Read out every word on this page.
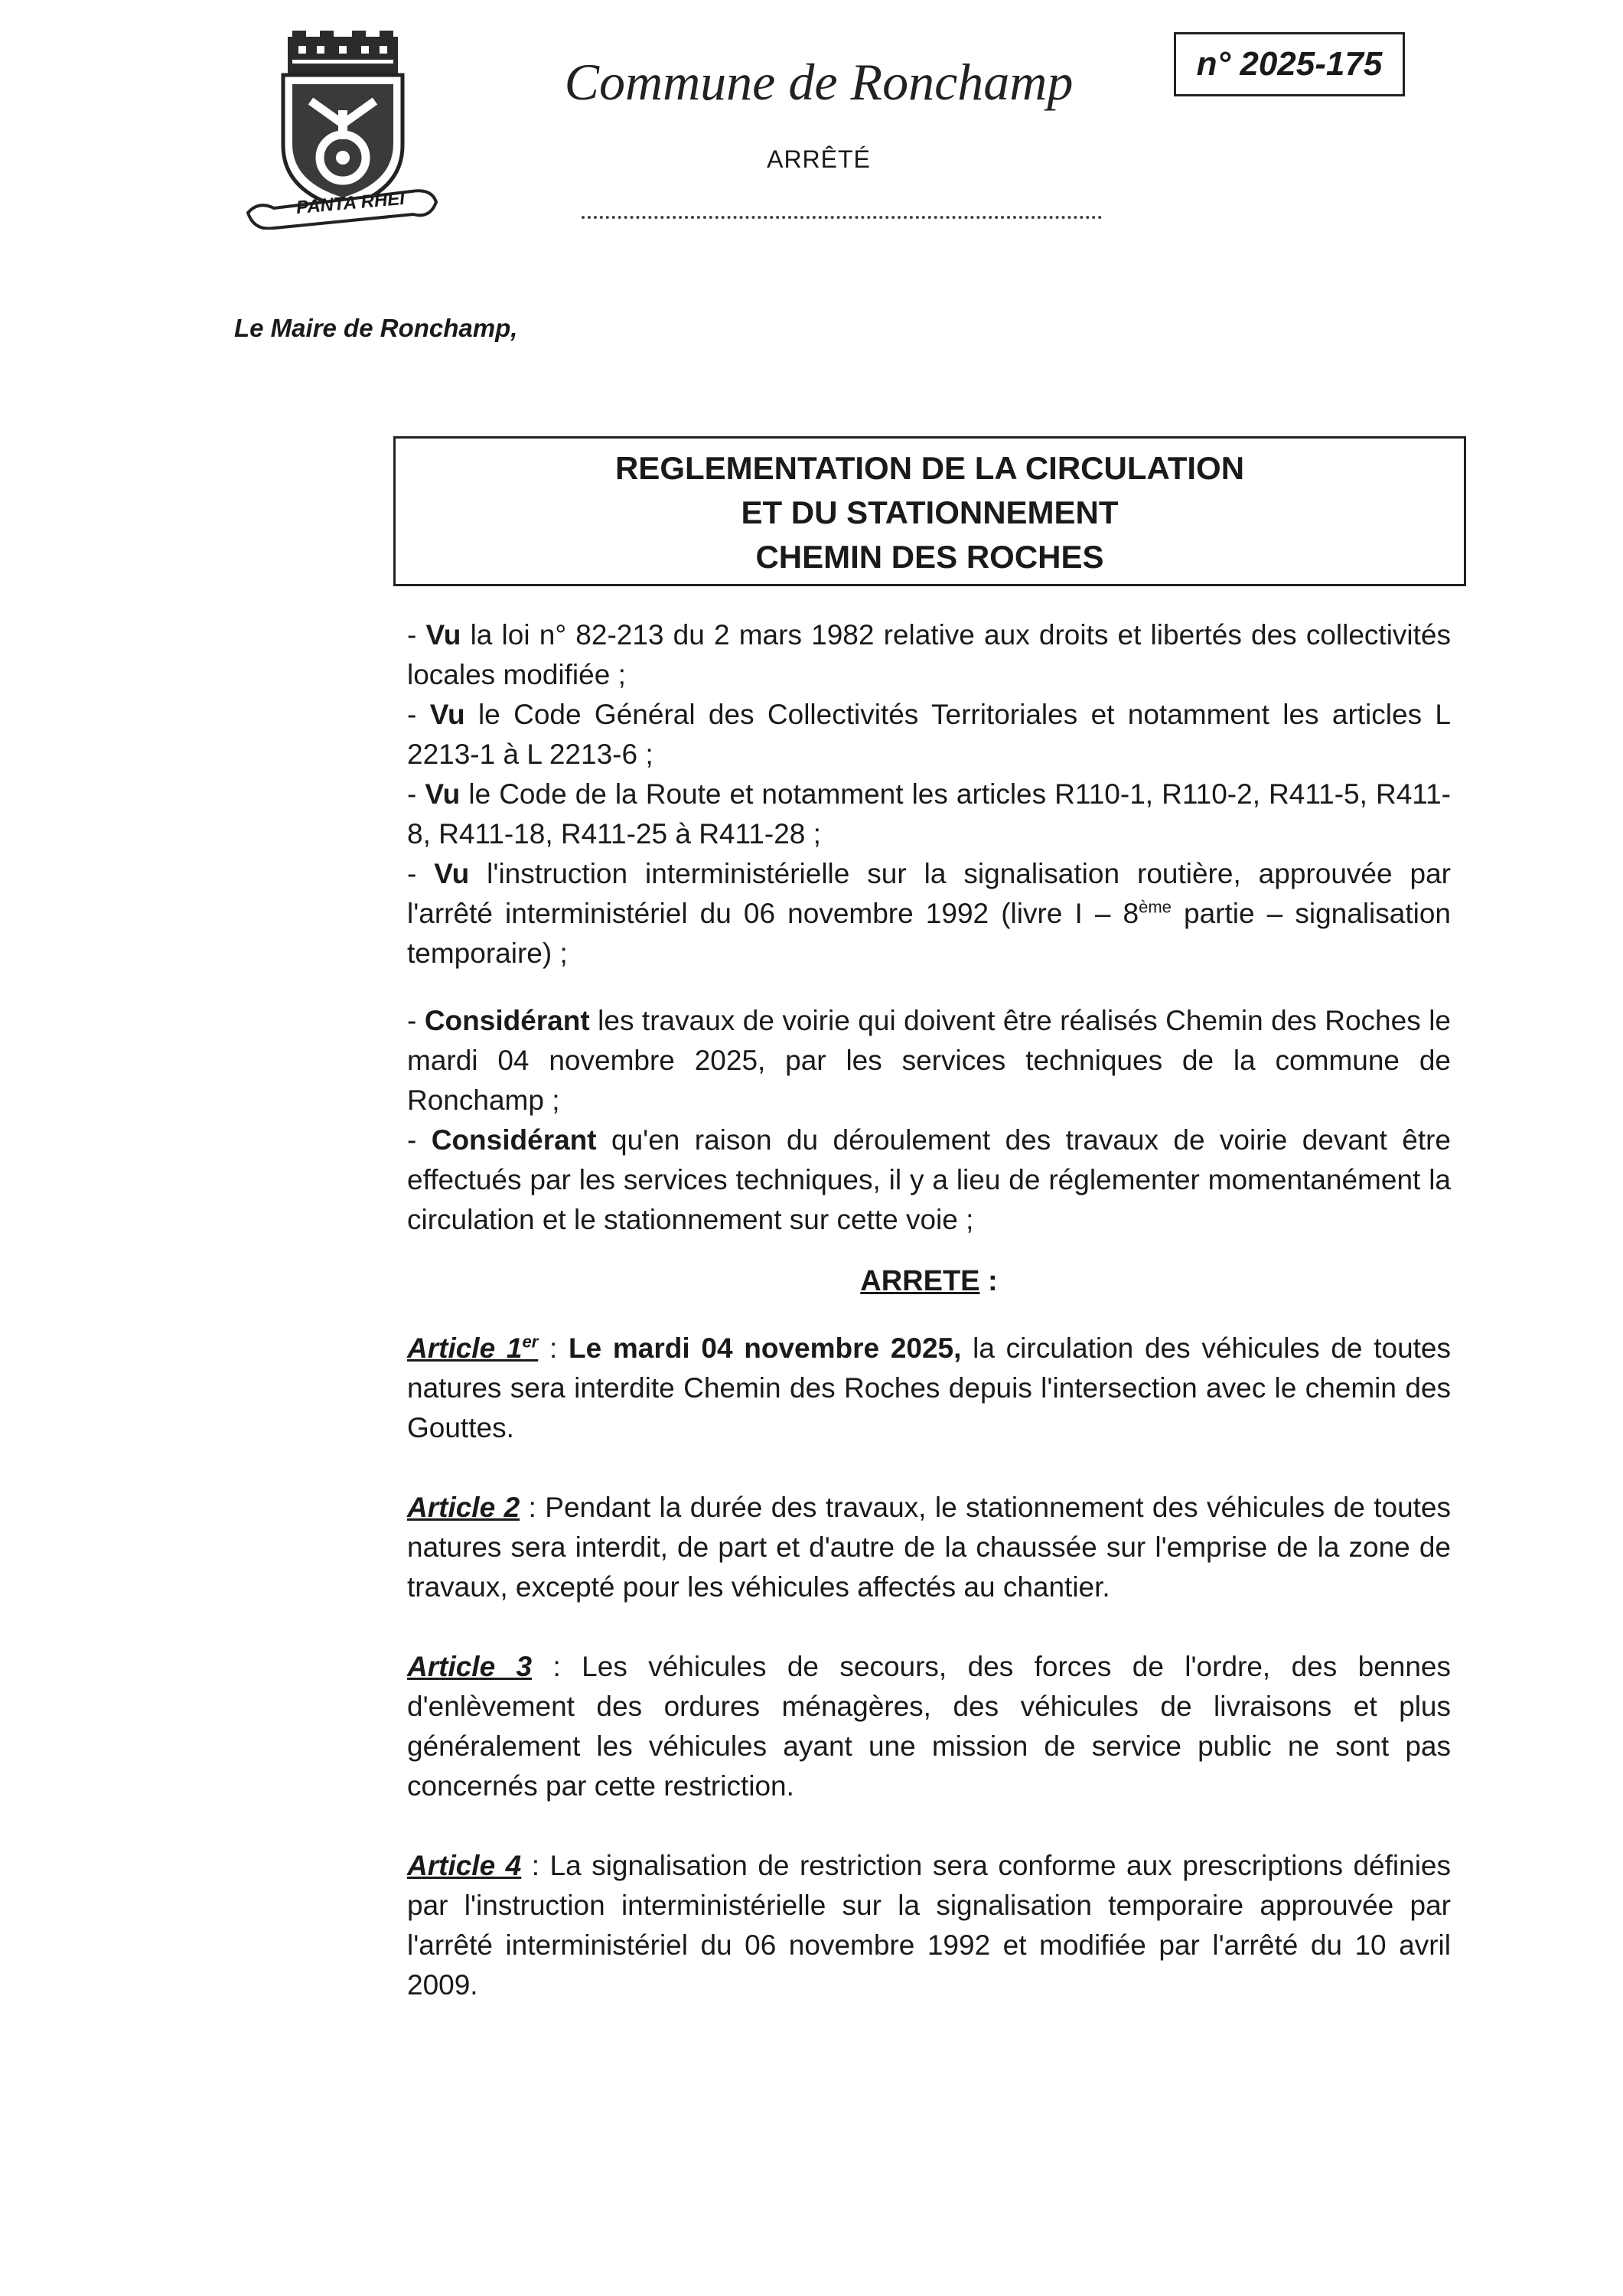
PANTA RHEI
Commune de Ronchamp
ARRÊTÉ
n° 2025-175
Le Maire de Ronchamp,
REGLEMENTATION DE LA CIRCULATION
ET DU STATIONNEMENT
CHEMIN DES ROCHES

- Vu la loi n° 82-213 du 2 mars 1982 relative aux droits et libertés des collectivités locales modifiée ;

- Vu le Code Général des Collectivités Territoriales et notamment les articles L 2213-1 à L 2213-6 ;

- Vu le Code de la Route et notamment les articles R110-1, R110-2, R411-5, R411-8, R411-18, R411-25 à R411-28 ;

- Vu l'instruction interministérielle sur la signalisation routière, approuvée par l'arrêté interministériel du 06 novembre 1992 (livre I – 8ème partie – signalisation temporaire) ;

- Considérant les travaux de voirie qui doivent être réalisés Chemin des Roches le mardi 04 novembre 2025, par les services techniques de la commune de Ronchamp ;

- Considérant qu'en raison du déroulement des travaux de voirie devant être effectués par les services techniques, il y a lieu de réglementer momentanément la circulation et le stationnement sur cette voie ;

ARRETE :

Article 1er : Le mardi 04 novembre 2025, la circulation des véhicules de toutes natures sera interdite Chemin des Roches depuis l'intersection avec le chemin des Gouttes.

Article 2 : Pendant la durée des travaux, le stationnement des véhicules de toutes natures sera interdit, de part et d'autre de la chaussée sur l'emprise de la zone de travaux, excepté pour les véhicules affectés au chantier.

Article 3 : Les véhicules de secours, des forces de l'ordre, des bennes d'enlèvement des ordures ménagères, des véhicules de livraisons et plus généralement les véhicules ayant une mission de service public ne sont pas concernés par cette restriction.

Article 4 : La signalisation de restriction sera conforme aux prescriptions définies par l'instruction interministérielle sur la signalisation temporaire approuvée par l'arrêté interministériel du 06 novembre 1992 et modifiée par l'arrêté du 10 avril 2009.
